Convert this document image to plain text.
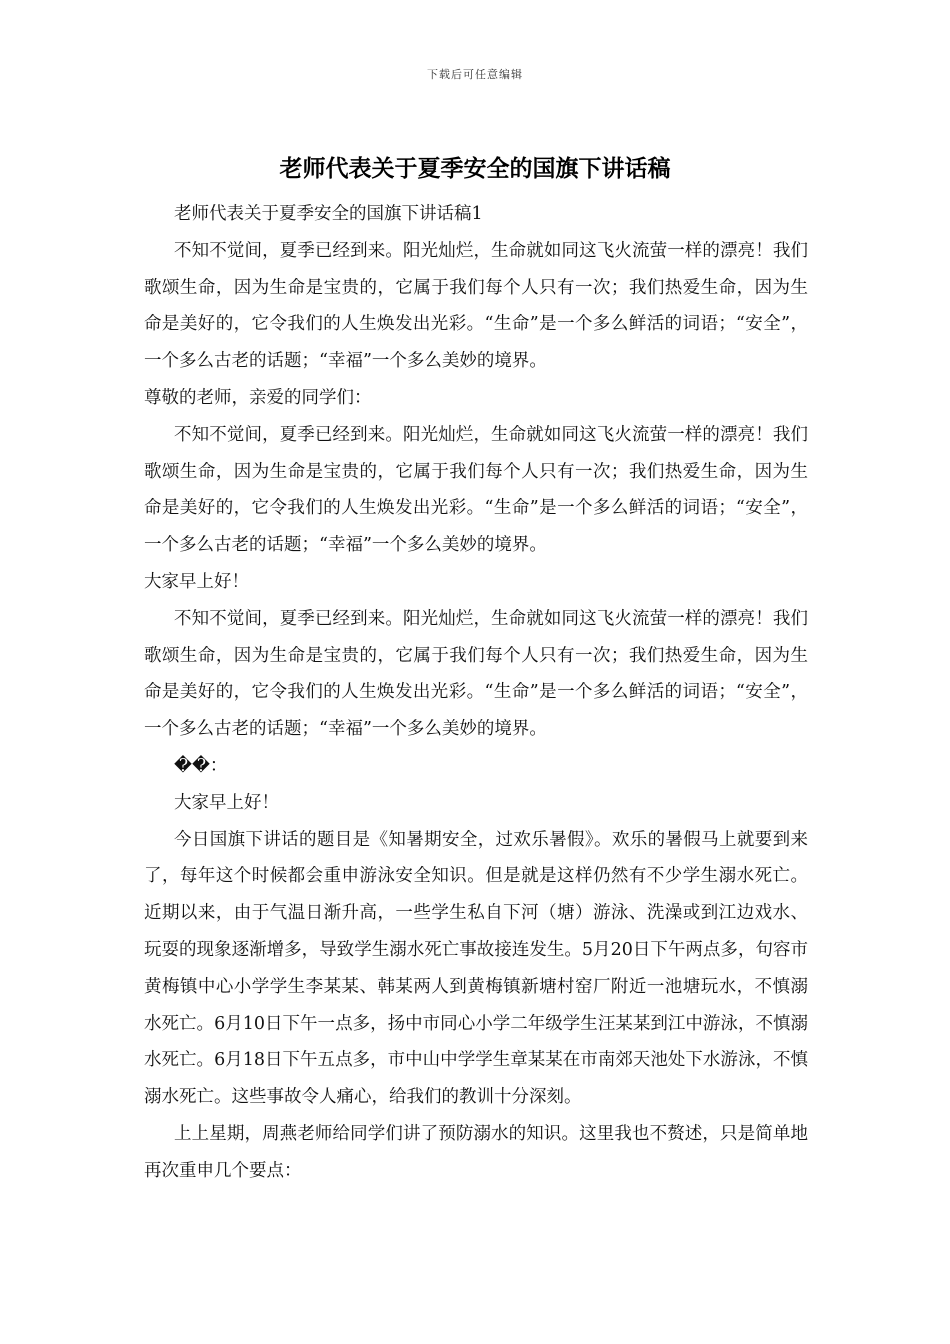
下载后可任意编辑
老师代表关于夏季安全的国旗下讲话稿

老师代表关于夏季安全的国旗下讲话稿1

不知不觉间，夏季已经到来。阳光灿烂，生命就如同这飞火流萤一样的漂亮！我们歌颂生命，因为生命是宝贵的，它属于我们每个人只有一次；我们热爱生命，因为生命是美好的，它令我们的人生焕发出光彩。“生命”是一个多么鲜活的词语；“安全”，一个多么古老的话题；“幸福”一个多么美妙的境界。

尊敬的老师，亲爱的同学们：

不知不觉间，夏季已经到来。阳光灿烂，生命就如同这飞火流萤一样的漂亮！我们歌颂生命，因为生命是宝贵的，它属于我们每个人只有一次；我们热爱生命，因为生命是美好的，它令我们的人生焕发出光彩。“生命”是一个多么鲜活的词语；“安全”，一个多么古老的话题；“幸福”一个多么美妙的境界。

大家早上好！

不知不觉间，夏季已经到来。阳光灿烂，生命就如同这飞火流萤一样的漂亮！我们歌颂生命，因为生命是宝贵的，它属于我们每个人只有一次；我们热爱生命，因为生命是美好的，它令我们的人生焕发出光彩。“生命”是一个多么鲜活的词语；“安全”，一个多么古老的话题；“幸福”一个多么美妙的境界。

��：

大家早上好！

今日国旗下讲话的题目是《知暑期安全，过欢乐暑假》。欢乐的暑假马上就要到来了，每年这个时候都会重申游泳安全知识。但是就是这样仍然有不少学生溺水死亡。近期以来，由于气温日渐升高，一些学生私自下河（塘）游泳、洗澡或到江边戏水、玩耍的现象逐渐增多，导致学生溺水死亡事故接连发生。5月20日下午两点多，句容市黄梅镇中心小学学生李某某、韩某两人到黄梅镇新塘村窑厂附近一池塘玩水，不慎溺水死亡。6月10日下午一点多，扬中市同心小学二年级学生汪某某到江中游泳，不慎溺水死亡。6月18日下午五点多，市中山中学学生章某某在市南郊天池处下水游泳，不慎溺水死亡。这些事故令人痛心，给我们的教训十分深刻。

上上星期，周燕老师给同学们讲了预防溺水的知识。这里我也不赘述，只是简单地再次重申几个要点：
